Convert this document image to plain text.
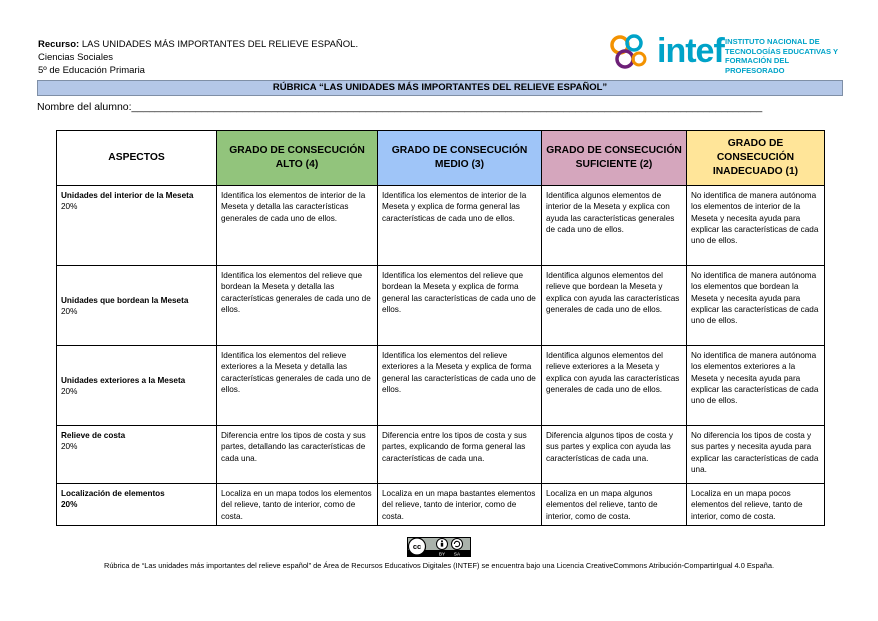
Recurso: LAS UNIDADES MÁS IMPORTANTES DEL RELIEVE ESPAÑOL.
Ciencias Sociales
5º de Educación Primaria
intef INSTITUTO NACIONAL DE
TECNOLOGÍAS EDUCATIVAS Y
FORMACIÓN DEL PROFESORADO
RÚBRICA “LAS UNIDADES MÁS IMPORTANTES DEL RELIEVE ESPAÑOL”
Nombre del alumno:____________________________________________________________________________________________________________
ASPECTOS	GRADO DE CONSECUCIÓN ALTO (4)	GRADO DE CONSECUCIÓN MEDIO (3)	GRADO DE CONSECUCIÓN SUFICIENTE (2)	GRADO DE CONSECUCIÓN INADECUADO (1)

Unidades del interior de la Meseta
20%	Identifica los elementos de interior de la Meseta y detalla las características generales de cada uno de ellos.	Identifica los elementos de interior de la Meseta y explica de forma general las características de cada uno de ellos.	Identifica algunos elementos de interior de la Meseta y explica con ayuda las características generales de cada uno de ellos.	No identifica de manera autónoma los elementos de interior de la Meseta y necesita ayuda para explicar las características de cada uno de ellos.

Unidades que bordean la Meseta
20%	Identifica los elementos del relieve que bordean la Meseta y detalla las características generales de cada uno de ellos.	Identifica los elementos del relieve que bordean la Meseta y explica de forma general las características de cada uno de ellos.	Identifica algunos elementos del relieve que bordean la Meseta y explica con ayuda las características generales de cada uno de ellos.	No identifica de manera autónoma los elementos que bordean la Meseta y necesita ayuda para explicar las características de cada uno de ellos.

Unidades exteriores a la Meseta
20%	Identifica los elementos del relieve exteriores a la Meseta y detalla las características generales de cada uno de ellos.	Identifica los elementos del relieve exteriores a la Meseta y explica de forma general las características de cada uno de ellos.	Identifica algunos elementos del relieve exteriores a la Meseta y explica con ayuda las características generales de cada uno de ellos.	No identifica de manera autónoma los elementos exteriores a la Meseta y necesita ayuda para explicar las características de cada uno de ellos.

Relieve de costa
20%	Diferencia entre los tipos de costa y sus partes, detallando las características de cada una.	Diferencia entre los tipos de costa y sus partes, explicando de forma general las características de cada una.	Diferencia algunos tipos de costa y sus partes y explica con ayuda las características de cada una.	No diferencia los tipos de costa y sus partes y necesita ayuda para explicar las características de cada una.

Localización de elementos
20%	Localiza en un mapa todos los elementos del relieve, tanto de interior, como de costa.	Localiza en un mapa bastantes elementos del relieve, tanto de interior, como de costa.	Localiza en un mapa algunos elementos del relieve, tanto de interior, como de costa.	Localiza en un mapa pocos elementos del relieve, tanto de interior, como de costa.
cc
BY SA
Rúbrica de “Las unidades más importantes del relieve español” de Área de Recursos Educativos Digitales (INTEF) se encuentra bajo una Licencia CreativeCommons Atribución-CompartirIgual 4.0 España.
